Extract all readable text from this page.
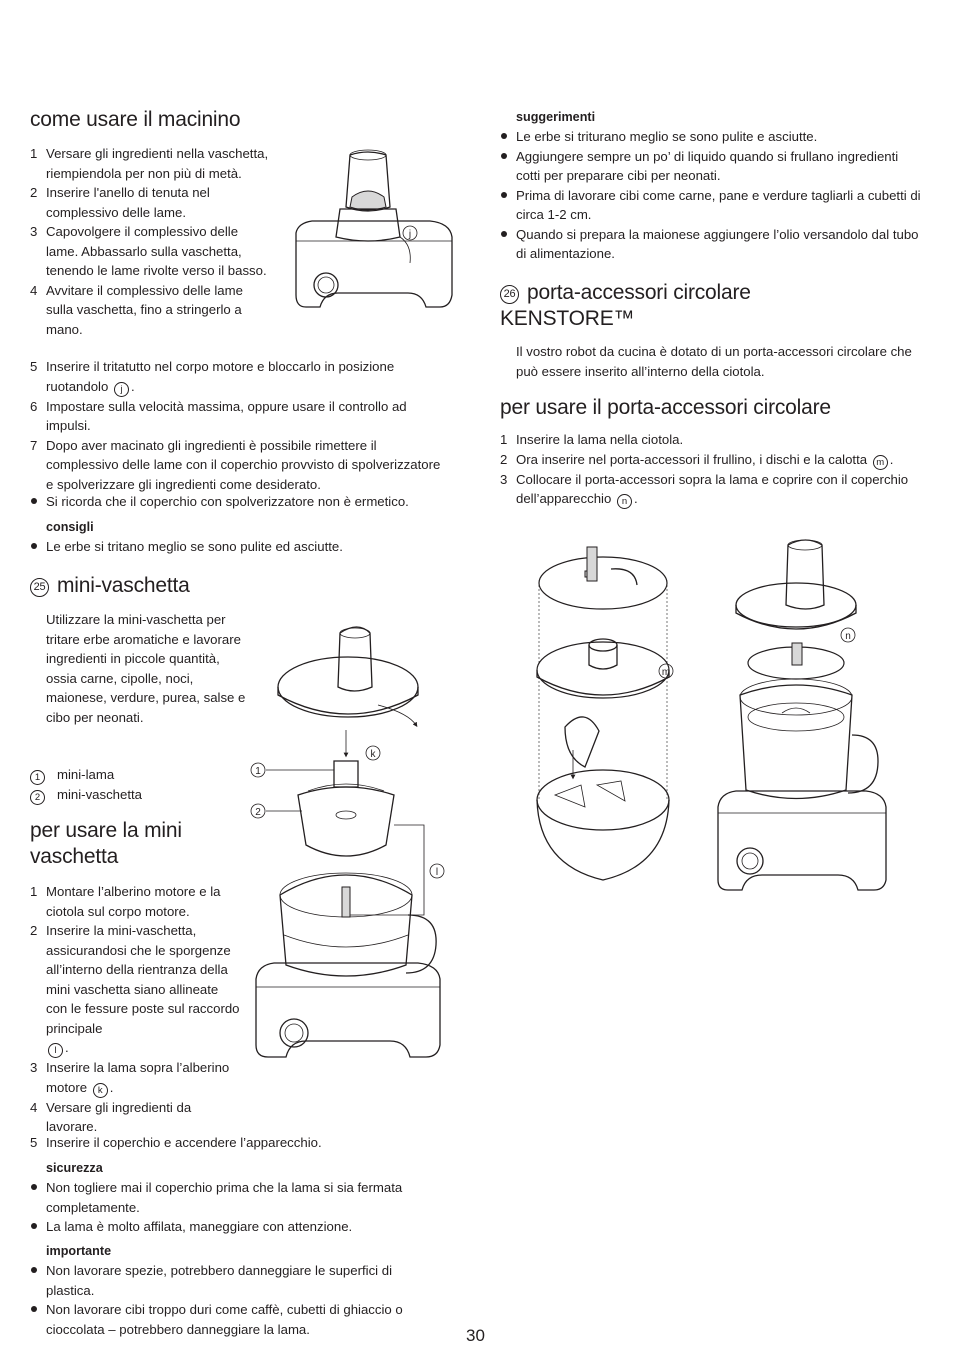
come usare il macinino
1 Versare gli ingredienti nella vaschetta, riempiendola per non più di metà.
2 Inserire l'anello di tenuta nel complessivo delle lame.
3 Capovolgere il complessivo delle lame. Abbassarlo sulla vaschetta, tenendo le lame rivolte verso il basso.
4 Avvitare il complessivo delle lame sulla vaschetta, fino a stringerlo a mano.
5 Inserire il tritatutto nel corpo motore e bloccarlo in posizione ruotandolo j .
6 Impostare sulla velocità massima, oppure usare il controllo ad impulsi.
7 Dopo aver macinato gli ingredienti è possibile rimettere il complessivo delle lame con il coperchio provvisto di spolverizzatore e spolverizzare gli ingredienti come desiderato.
Si ricorda che il coperchio con spolverizzatore non è ermetico.
consigli
Le erbe si tritano meglio se sono pulite ed asciutte.
j
25 mini-vaschetta
Utilizzare la mini-vaschetta per tritare erbe aromatiche e lavorare ingredienti in piccole quantità, ossia carne, cipolle, noci, maionese, verdure, purea, salse e cibo per neonati.
1 mini-lama
2 mini-vaschetta
per usare la mini vaschetta
1 Montare l’alberino motore e la ciotola sul corpo motore.
2 Inserire la mini-vaschetta, assicurandosi che le sporgenze all’interno della rientranza della mini vaschetta siano allineate con le fessure poste sul raccordo principale
l .
3 Inserire la lama sopra l’alberino motore k .
4 Versare gli ingredienti da lavorare.
5 Inserire il coperchio e accendere l’apparecchio.
sicurezza
Non togliere mai il coperchio prima che la lama si sia fermata completamente.
La lama è molto affilata, maneggiare con attenzione.
importante
Non lavorare spezie, potrebbero danneggiare le superfici di plastica.
Non lavorare cibi troppo duri come caffè, cubetti di ghiaccio o cioccolata – potrebbero danneggiare la lama.
k
1
2
l
suggerimenti
Le erbe si triturano meglio se sono pulite e asciutte.
Aggiungere sempre un po’ di liquido quando si frullano ingredienti cotti per preparare cibi per neonati.
Prima di lavorare cibi come carne, pane e verdure tagliarli a cubetti di circa 1-2 cm.
Quando si prepara la maionese aggiungere l’olio versandolo dal tubo di alimentazione.
26 porta-accessori circolare
KENSTORE™
Il vostro robot da cucina è dotato di un porta-accessori circolare che può essere inserito all’interno della ciotola.
per usare il porta-accessori circolare
1 Inserire la lama nella ciotola.
2 Ora inserire nel porta-accessori il frullino, i dischi e la calotta m .
3 Collocare il porta-accessori sopra la lama e coprire con il coperchio dell’apparecchio n .
n
m
30
